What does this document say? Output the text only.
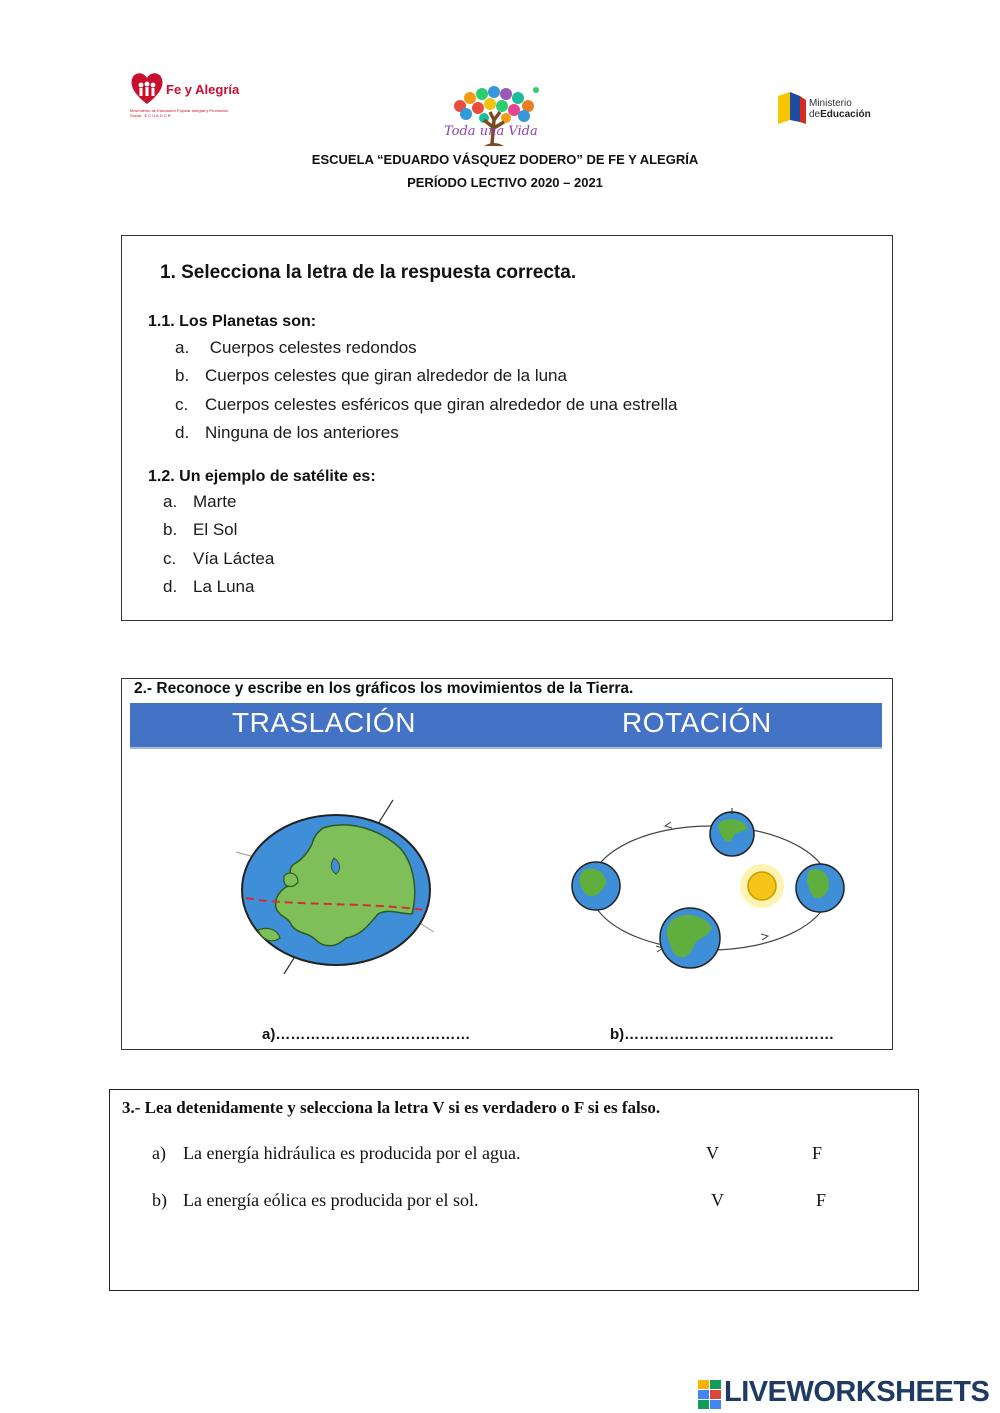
Fe y Alegría
Movimiento de Educación Popular Integral y Promoción Social · E C U A D O R
Toda una Vida
Ministerio
deEducación
ESCUELA “EDUARDO VÁSQUEZ DODERO” DE FE Y ALEGRÍA
PERÍODO LECTIVO 2020 – 2021
1. Selecciona la letra de la respuesta correcta.
1.1. Los Planetas son:
a. Cuerpos celestes redondos
b. Cuerpos celestes que giran alrededor de la luna
c. Cuerpos celestes esféricos que giran alrededor de una estrella
d. Ninguna de los anteriores
1.2. Un ejemplo de satélite es:
a. Marte
b. El Sol
c. Vía Láctea
d. La Luna
2.- Reconoce y escribe en los gráficos los movimientos de la Tierra.
TRASLACIÓN	ROTACIÓN
a)…………………………………	b)……………………………………
3.- Lea detenidamente y selecciona la letra V si es verdadero o F si es falso.
a) La energía hidráulica es producida por el agua.	V	F
b) La energía eólica es producida por el sol.	V	F
LIVEWORKSHEETS
